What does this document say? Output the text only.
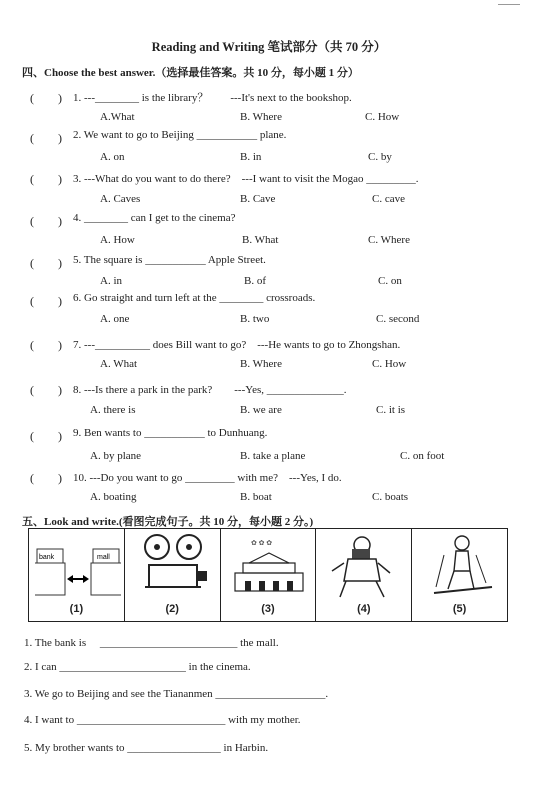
Reading and Writing 笔试部分（共 70 分）
四、Choose the best answer.（选择最佳答案。共 10 分，每小题 1 分）
(　　) 1. ---________ is the library？　　---It's next to the bookshop.
A.What	B. Where	C. How
(　　) 2. We want to go to Beijing ___________ plane.
A. on	B. in	C. by
(　　) 3. ---What do you want to do there?　---I want to visit the Mogao _________.
A. Caves	B. Cave	C. cave
(　　) 4. ________ can I get to the cinema?
A. How	B. What	C. Where
(　　) 5. The square is ___________ Apple Street.
A. in	B. of	C. on
(　　) 6. Go straight and turn left at the ________ crossroads.
A. one	B. two	C. second
(　　) 7. ---__________ does Bill want to go?　---He wants to go to Zhongshan.
A. What	B. Where	C. How
(　　) 8. ---Is there a park in the park?　　---Yes, ______________.
A. there is	B. we are	C. it is
(　　) 9. Ben wants to ___________ to Dunhuang.
A. by plane	B. take a plane	C. on foot
(　　) 10. ---Do you want to go _________ with me?　---Yes, I do.
A. boating	B. boat	C. boats
五、Look and write.(看图完成句子。共 10 分，每小题 2 分。)
bank	mall
(1)	(2)
✿ ✿ ✿
(3)	(4)	(5)
1. The bank is　 _________________________ the mall.
2. I can _______________________ in the cinema.
3. We go to Beijing and see the Tiananmen ____________________.
4. I want to ___________________________ with my mother.
5. My brother wants to _________________ in Harbin.
